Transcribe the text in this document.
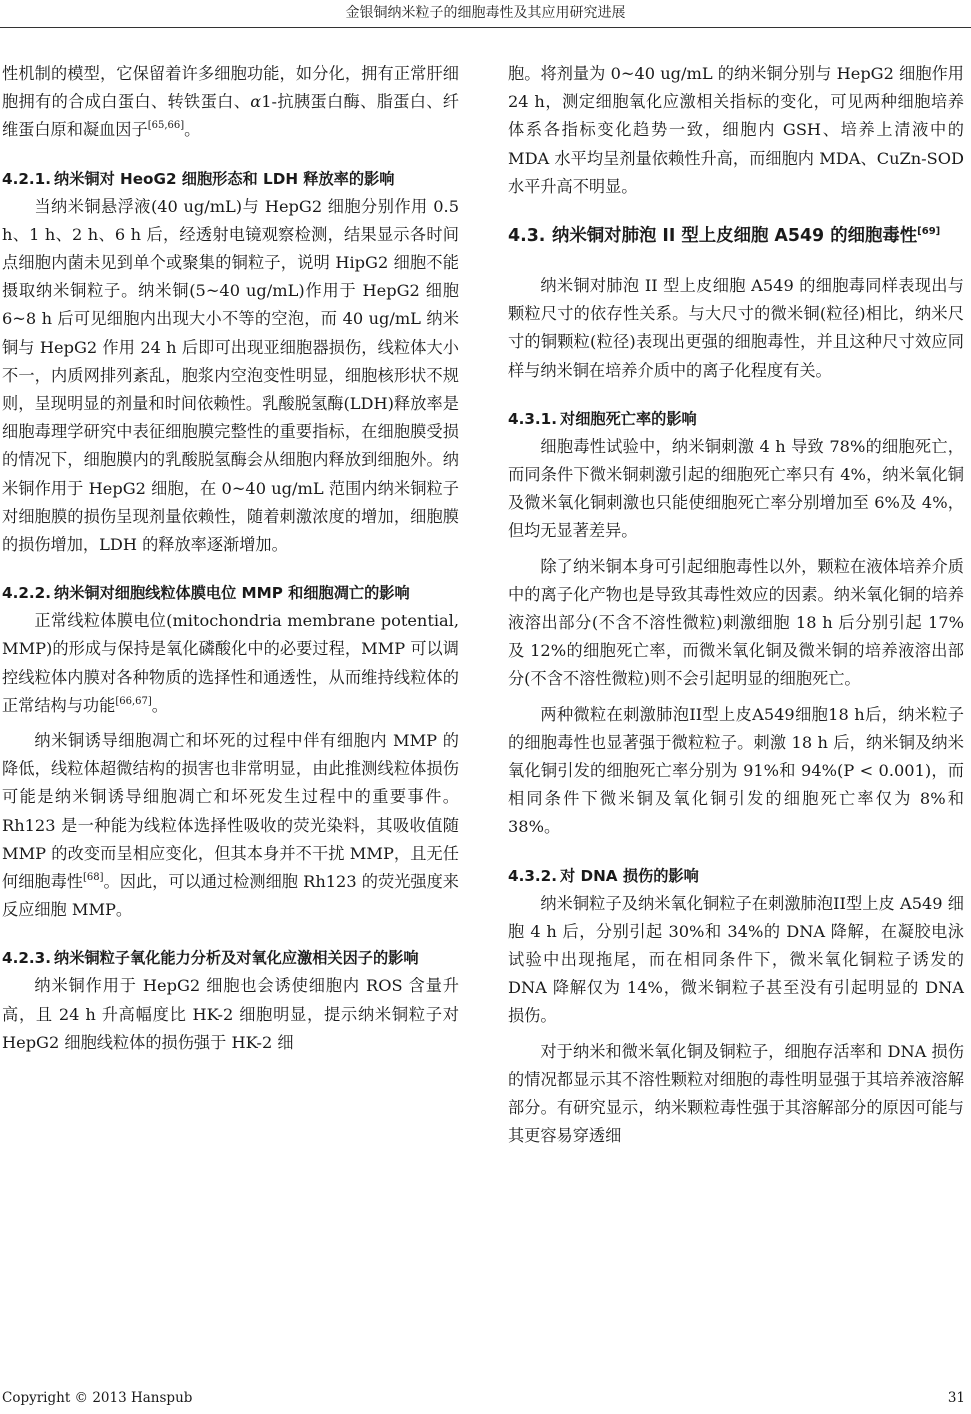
金银铜纳米粒子的细胞毒性及其应用研究进展

性机制的模型，它保留着许多细胞功能，如分化，拥有正常肝细胞拥有的合成白蛋白、转铁蛋白、α1-抗胰蛋白酶、脂蛋白、纤维蛋白原和凝血因子[65,66]。

4.2.1. 纳米铜对 HeoG2 细胞形态和 LDH 释放率的影响

当纳米铜悬浮液(40 ug/mL)与 HepG2 细胞分别作用 0.5 h、1 h、2 h、6 h 后，经透射电镜观察检测，结果显示各时间点细胞内菌未见到单个或聚集的铜粒子，说明 HipG2 细胞不能摄取纳米铜粒子。纳米铜(5~40 ug/mL)作用于 HepG2 细胞 6~8 h 后可见细胞内出现大小不等的空泡，而 40 ug/mL 纳米铜与 HepG2 作用 24 h 后即可出现亚细胞器损伤，线粒体大小不一，内质网排列紊乱，胞浆内空泡变性明显，细胞核形状不规则，呈现明显的剂量和时间依赖性。乳酸脱氢酶(LDH)释放率是细胞毒理学研究中表征细胞膜完整性的重要指标，在细胞膜受损的情况下，细胞膜内的乳酸脱氢酶会从细胞内释放到细胞外。纳米铜作用于 HepG2 细胞，在 0~40 ug/mL 范围内纳米铜粒子对细胞膜的损伤呈现剂量依赖性，随着刺激浓度的增加，细胞膜的损伤增加，LDH 的释放率逐渐增加。

4.2.2. 纳米铜对细胞线粒体膜电位 MMP 和细胞凋亡的影响

正常线粒体膜电位(mitochondria membrane potential, MMP)的形成与保持是氧化磷酸化中的必要过程，MMP 可以调控线粒体内膜对各种物质的选择性和通透性，从而维持线粒体的正常结构与功能[66,67]。

纳米铜诱导细胞凋亡和坏死的过程中伴有细胞内 MMP 的降低，线粒体超微结构的损害也非常明显，由此推测线粒体损伤可能是纳米铜诱导细胞凋亡和坏死发生过程中的重要事件。Rh123 是一种能为线粒体选择性吸收的荧光染料，其吸收值随 MMP 的改变而呈相应变化，但其本身并不干扰 MMP，且无任何细胞毒性[68]。因此，可以通过检测细胞 Rh123 的荧光强度来反应细胞 MMP。

4.2.3. 纳米铜粒子氧化能力分析及对氧化应激相关因子的影响

纳米铜作用于 HepG2 细胞也会诱使细胞内 ROS 含量升高，且 24 h 升高幅度比 HK-2 细胞明显，提示纳米铜粒子对 HepG2 细胞线粒体的损伤强于 HK-2 细

胞。将剂量为 0~40 ug/mL 的纳米铜分别与 HepG2 细胞作用 24 h，测定细胞氧化应激相关指标的变化，可见两种细胞培养体系各指标变化趋势一致，细胞内 GSH、培养上清液中的 MDA 水平均呈剂量依赖性升高，而细胞内 MDA、CuZn-SOD 水平升高不明显。

4.3. 纳米铜对肺泡 II 型上皮细胞 A549 的细胞毒性[69]

纳米铜对肺泡 II 型上皮细胞 A549 的细胞毒同样表现出与颗粒尺寸的依存性关系。与大尺寸的微米铜(粒径)相比，纳米尺寸的铜颗粒(粒径)表现出更强的细胞毒性，并且这种尺寸效应同样与纳米铜在培养介质中的离子化程度有关。

4.3.1. 对细胞死亡率的影响

细胞毒性试验中，纳米铜刺激 4 h 导致 78%的细胞死亡，而同条件下微米铜刺激引起的细胞死亡率只有 4%，纳米氧化铜及微米氧化铜刺激也只能使细胞死亡率分别增加至 6%及 4%，但均无显著差异。

除了纳米铜本身可引起细胞毒性以外，颗粒在液体培养介质中的离子化产物也是导致其毒性效应的因素。纳米氧化铜的培养液溶出部分(不含不溶性微粒)刺激细胞 18 h 后分别引起 17%及 12%的细胞死亡率，而微米氧化铜及微米铜的培养液溶出部分(不含不溶性微粒)则不会引起明显的细胞死亡。

两种微粒在刺激肺泡II型上皮A549细胞18 h后，纳米粒子的细胞毒性也显著强于微粒粒子。刺激 18 h 后，纳米铜及纳米氧化铜引发的细胞死亡率分别为 91%和 94%(P < 0.001)，而相同条件下微米铜及氧化铜引发的细胞死亡率仅为 8%和 38%。

4.3.2. 对 DNA 损伤的影响

纳米铜粒子及纳米氧化铜粒子在刺激肺泡II型上皮 A549 细胞 4 h 后，分别引起 30%和 34%的 DNA 降解，在凝胶电泳试验中出现拖尾，而在相同条件下，微米氧化铜粒子诱发的 DNA 降解仅为 14%，微米铜粒子甚至没有引起明显的 DNA 损伤。

对于纳米和微米氧化铜及铜粒子，细胞存活率和 DNA 损伤的情况都显示其不溶性颗粒对细胞的毒性明显强于其培养液溶解部分。有研究显示，纳米颗粒毒性强于其溶解部分的原因可能与其更容易穿透细

Copyright © 2013 Hanspub	31
